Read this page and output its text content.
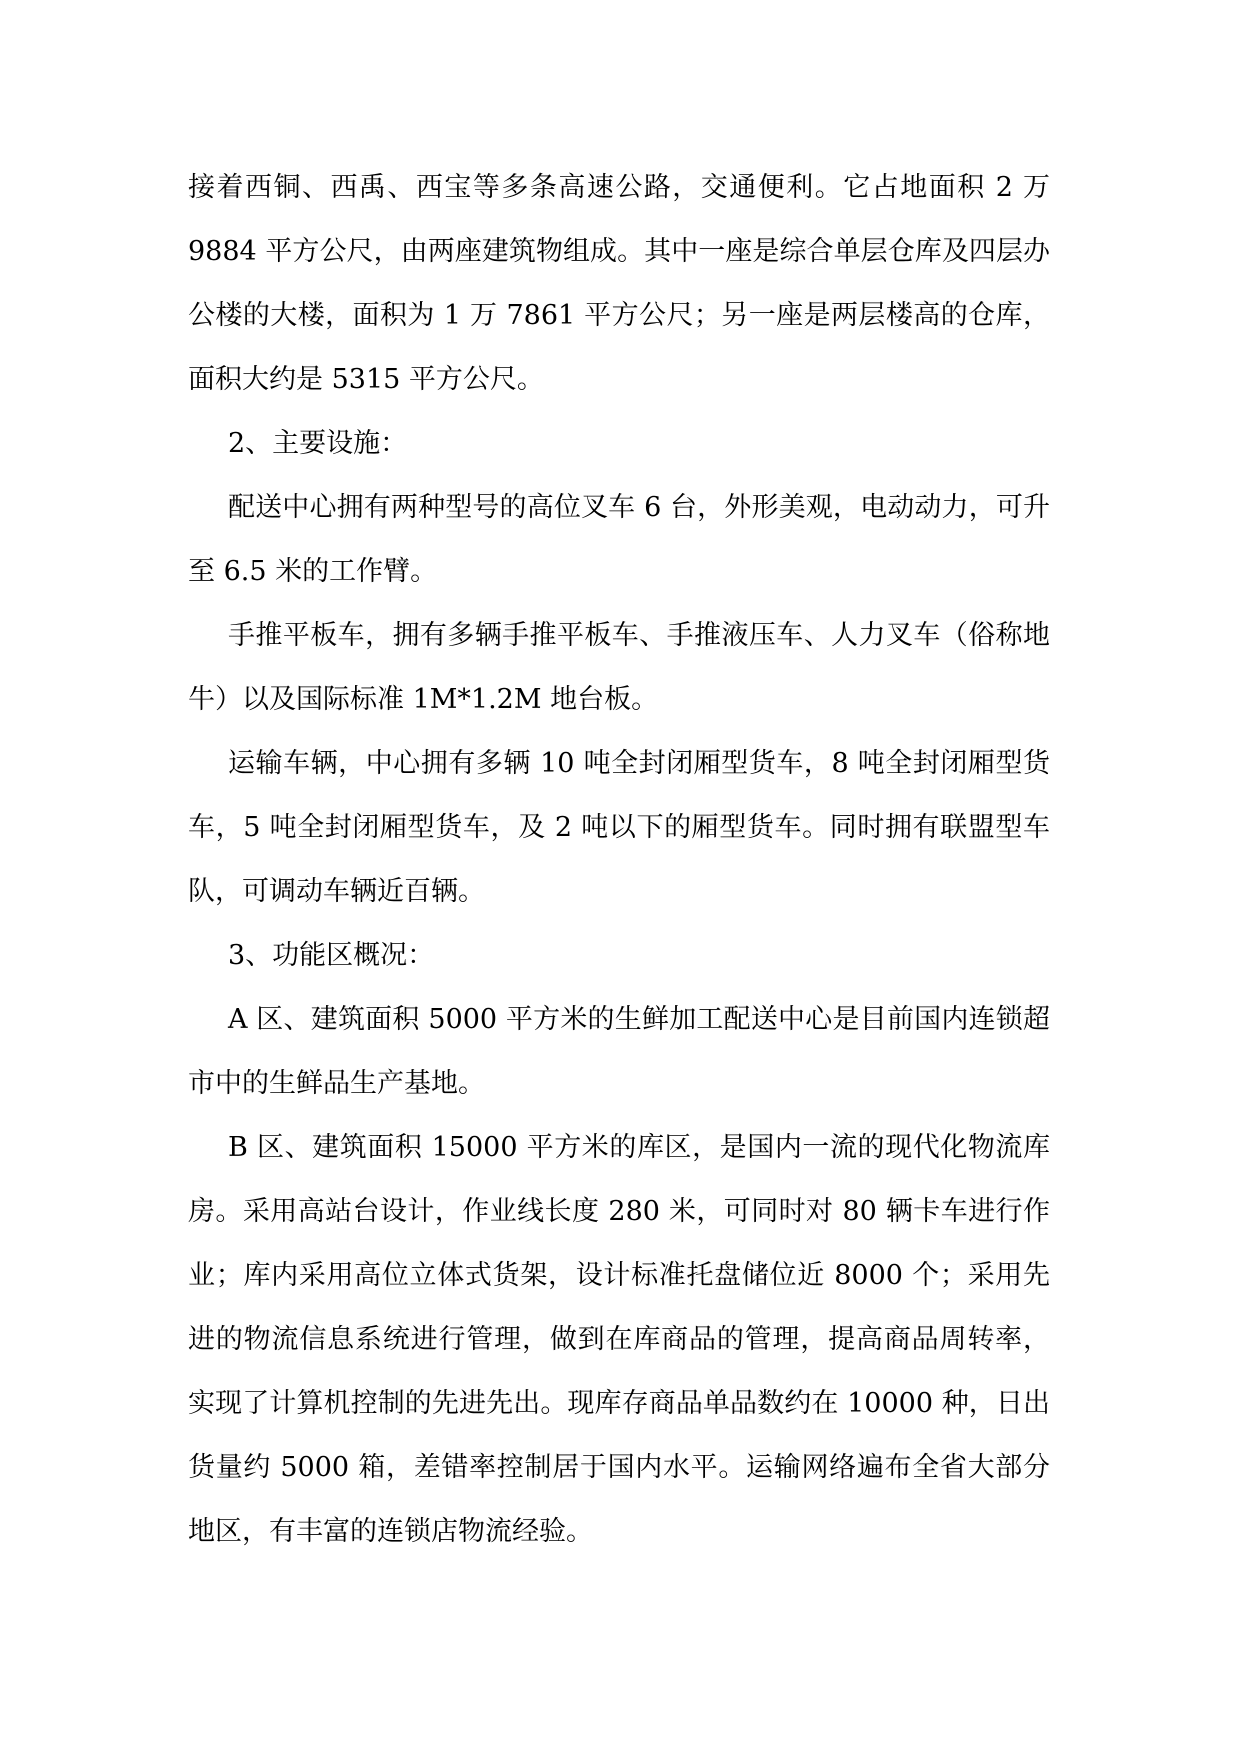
接着西铜、西禹、西宝等多条高速公路，交通便利。它占地面积 2 万 9884 平方公尺，由两座建筑物组成。其中一座是综合单层仓库及四层办公楼的大楼，面积为 1 万 7861 平方公尺；另一座是两层楼高的仓库，面积大约是 5315 平方公尺。

2、主要设施：

配送中心拥有两种型号的高位叉车 6 台，外形美观，电动动力，可升至 6.5 米的工作臂。

手推平板车，拥有多辆手推平板车、手推液压车、人力叉车（俗称地牛）以及国际标准 1M*1.2M 地台板。

运输车辆，中心拥有多辆 10 吨全封闭厢型货车，8 吨全封闭厢型货车，5 吨全封闭厢型货车，及 2 吨以下的厢型货车。同时拥有联盟型车队，可调动车辆近百辆。

3、功能区概况：

A 区、建筑面积 5000 平方米的生鲜加工配送中心是目前国内连锁超市中的生鲜品生产基地。

B 区、建筑面积 15000 平方米的库区，是国内一流的现代化物流库房。采用高站台设计，作业线长度 280 米，可同时对 80 辆卡车进行作业；库内采用高位立体式货架，设计标准托盘储位近 8000 个；采用先进的物流信息系统进行管理，做到在库商品的管理，提高商品周转率，实现了计算机控制的先进先出。现库存商品单品数约在 10000 种，日出货量约 5000 箱，差错率控制居于国内水平。运输网络遍布全省大部分地区，有丰富的连锁店物流经验。
